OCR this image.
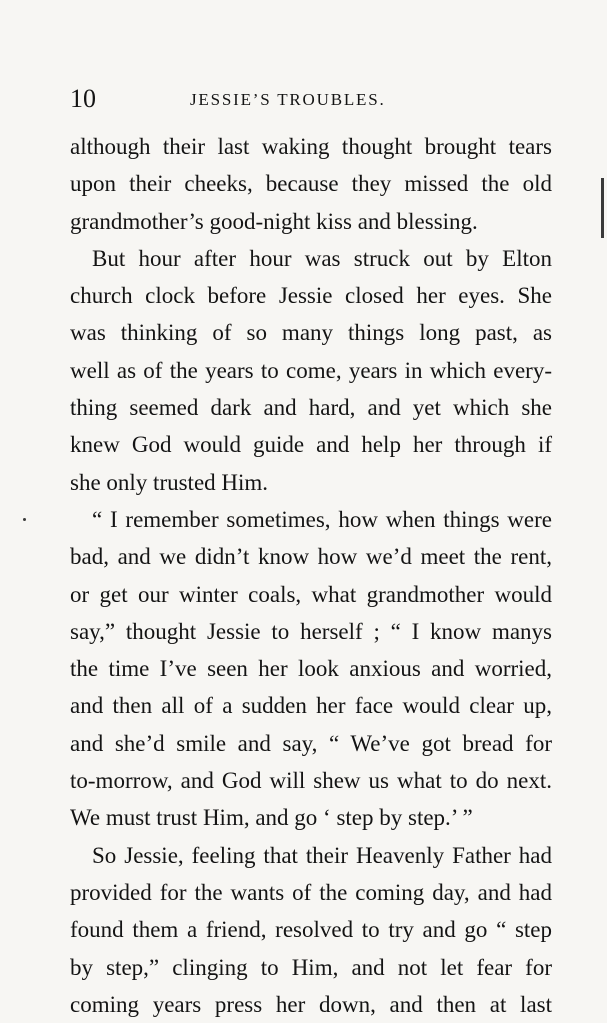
10	JESSIE’S TROUBLES.
although their last waking thought brought tears
upon their cheeks, because they missed the old
grandmother’s good-night kiss and blessing.
But hour after hour was struck out by Elton
church clock before Jessie closed her eyes. She
was thinking of so many things long past, as
well as of the years to come, years in which every-
thing seemed dark and hard, and yet which she
knew God would guide and help her through if
she only trusted Him.
“ I remember sometimes, how when things were
bad, and we didn’t know how we’d meet the rent,
or get our winter coals, what grandmother would
say,” thought Jessie to herself ; “ I know manys
the time I’ve seen her look anxious and worried,
and then all of a sudden her face would clear up,
and she’d smile and say, “ We’ve got bread for
to-morrow, and God will shew us what to do next.
We must trust Him, and go ‘ step by step.’ ”
So Jessie, feeling that their Heavenly Father had
provided for the wants of the coming day, and had
found them a friend, resolved to try and go “ step
by step,” clinging to Him, and not let fear for
coming years press her down, and then at last
